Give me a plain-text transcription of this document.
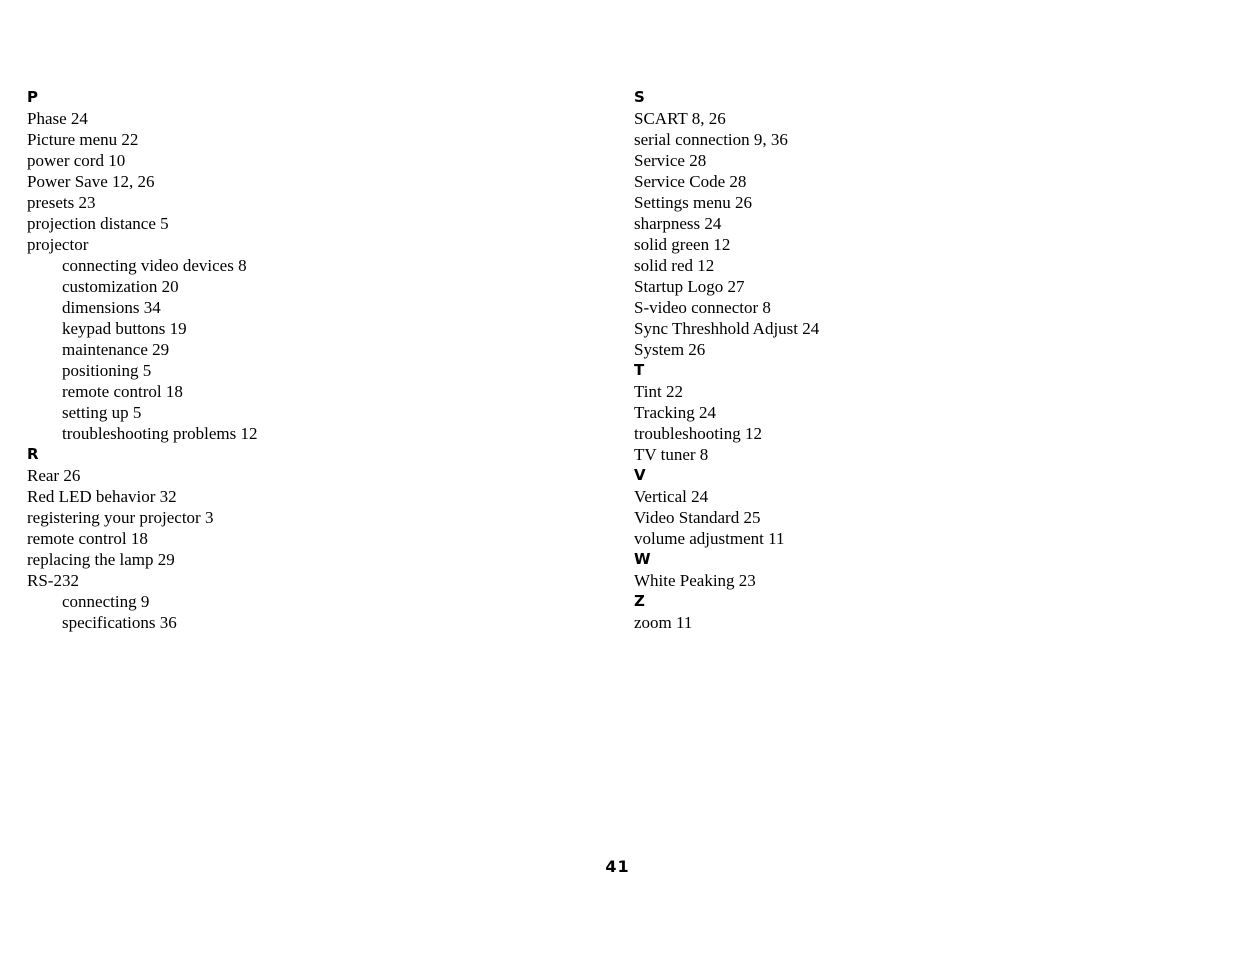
P
Phase 24
Picture menu 22
power cord 10
Power Save 12, 26
presets 23
projection distance 5
projector
connecting video devices 8
customization 20
dimensions 34
keypad buttons 19
maintenance 29
positioning 5
remote control 18
setting up 5
troubleshooting problems 12
R
Rear 26
Red LED behavior 32
registering your projector 3
remote control 18
replacing the lamp 29
RS-232
connecting 9
specifications 36
S
SCART 8, 26
serial connection 9, 36
Service 28
Service Code 28
Settings menu 26
sharpness 24
solid green 12
solid red 12
Startup Logo 27
S-video connector 8
Sync Threshhold Adjust 24
System 26
T
Tint 22
Tracking 24
troubleshooting 12
TV tuner 8
V
Vertical 24
Video Standard 25
volume adjustment 11
W
White Peaking 23
Z
zoom 11
41
